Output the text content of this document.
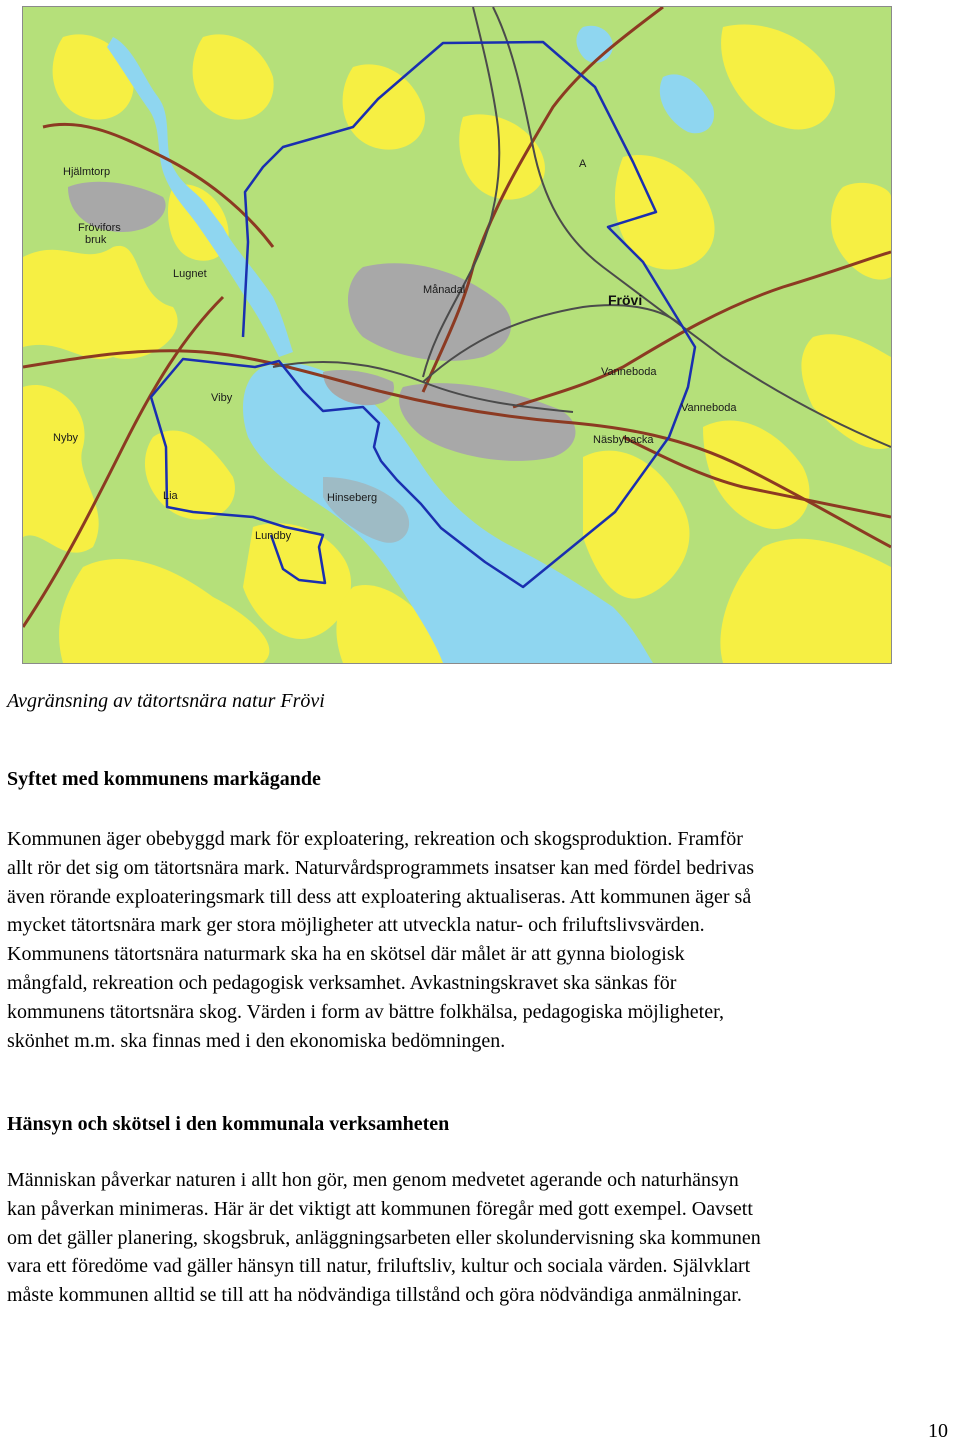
Hjälmtorp
Frövifors
bruk
Lugnet
Månadal
Frövi
Vanneboda
Vanneboda
Näsbybacka
Viby
Nyby
Lia	Hinseberg
Lundby
A
Avgränsning av tätortsnära natur Frövi
Syftet med kommunens markägande
Kommunen äger obebyggd mark för exploatering, rekreation och skogsproduktion. Framför
allt rör det sig om tätortsnära mark. Naturvårdsprogrammets insatser kan med fördel bedrivas
även rörande exploateringsmark till dess att exploatering aktualiseras. Att kommunen äger så
mycket tätortsnära mark ger stora möjligheter att utveckla natur- och friluftslivsvärden.
Kommunens tätortsnära naturmark ska ha en skötsel där målet är att gynna biologisk
mångfald, rekreation och pedagogisk verksamhet. Avkastningskravet ska sänkas för
kommunens tätortsnära skog. Värden i form av bättre folkhälsa, pedagogiska möjligheter,
skönhet m.m. ska finnas med i den ekonomiska bedömningen.
Hänsyn och skötsel i den kommunala verksamheten
Människan påverkar naturen i allt hon gör, men genom medvetet agerande och naturhänsyn
kan påverkan minimeras. Här är det viktigt att kommunen föregår med gott exempel. Oavsett
om det gäller planering, skogsbruk, anläggningsarbeten eller skolundervisning ska kommunen
vara ett föredöme vad gäller hänsyn till natur, friluftsliv, kultur och sociala värden. Självklart
måste kommunen alltid se till att ha nödvändiga tillstånd och göra nödvändiga anmälningar.
10
